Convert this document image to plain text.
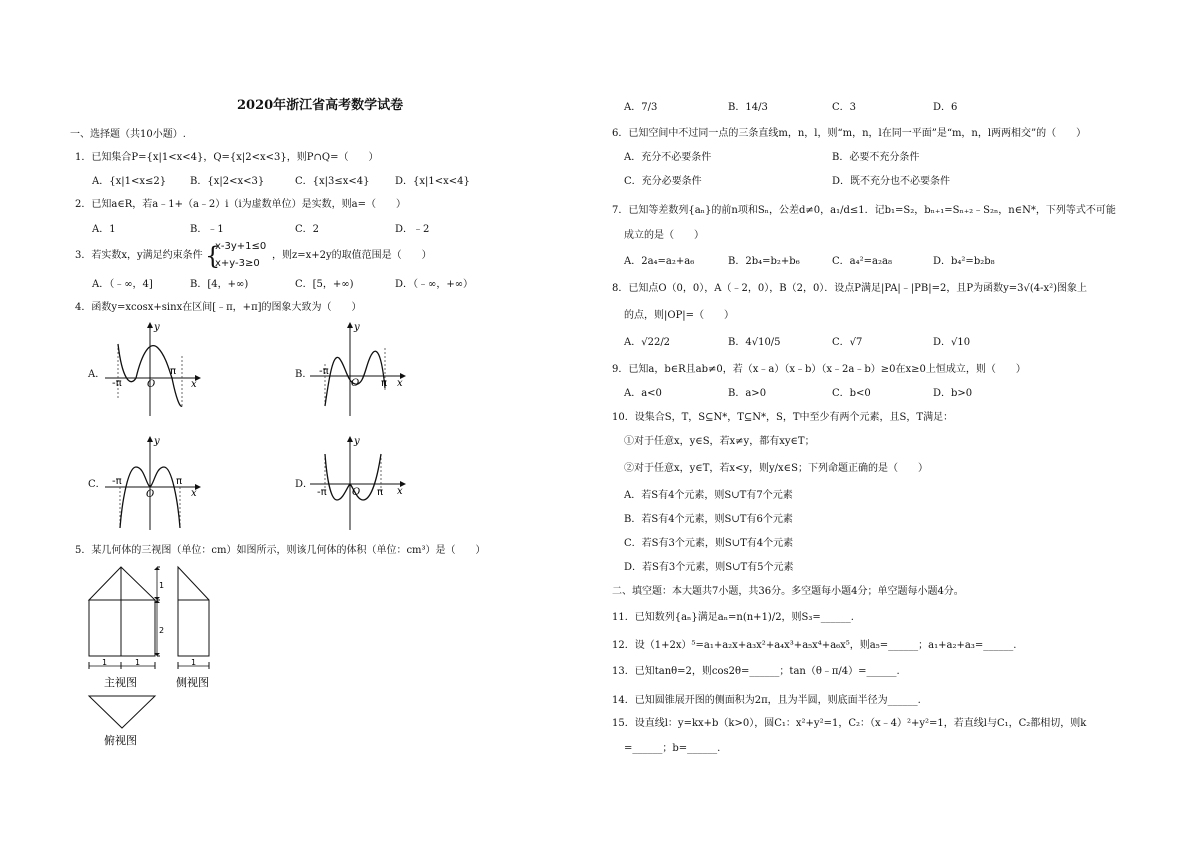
2020年浙江省高考数学试卷
一、选择题（共10小题）.
1．已知集合P={x|1<x<4}，Q={x|2<x<3}，则P∩Q=（　　）
A．{x|1<x≤2} B．{x|2<x<3}	C．{x|3≤x<4}	D．{x|1<x<4}
2．已知a∈R，若a﹣1+（a﹣2）i（i为虚数单位）是实数，则a=（　　）
A．1	B．﹣1	C．2	D．﹣2
3．若实数x，y满足约束条件 {
x-3y+1≤0
x+y-3≥0
，则z=x+2y的取值范围是（　　）
A．（﹣∞，4]	B．[4，+∞)	C．[5，+∞)	D．（﹣∞，+∞）
4．函数y=xcosx+sinx在区间[﹣π，+π]的图象大致为（　　）
A．	B．
C．	D．
y
x
O
-π
π
y
x
O
-π
π
y
x
O
-π	π
y
x
O
-π	π
5．某几何体的三视图（单位：cm）如图所示，则该几何体的体积（单位：cm³）是（　　）
1
2
1	1
主视图
1
侧视图
俯视图
A．7/3	B．14/3	C．3	D．6
6．已知空间中不过同一点的三条直线m，n，l，则“m，n，l在同一平面”是“m，n，l两两相交”的（　　）
A．充分不必要条件	B．必要不充分条件
C．充分必要条件	D．既不充分也不必要条件
7．已知等差数列{aₙ}的前n项和Sₙ，公差d≠0，a₁/d≤1．记b₁=S₂，bₙ₊₁=Sₙ₊₂﹣S₂ₙ，n∈N*，下列等式不可能
成立的是（　　）
A．2a₄=a₂+a₆	B．2b₄=b₂+b₆	C．a₄²=a₂a₈	D．b₄²=b₂b₈
8．已知点O（0，0），A（﹣2，0），B（2，0）．设点P满足|PA|﹣|PB|=2，且P为函数y=3√(4-x²)图象上
的点，则|OP|=（　　）
A．√22/2	B．4√10/5	C．√7	D．√10
9．已知a，b∈R且ab≠0，若（x﹣a）（x﹣b）（x﹣2a﹣b）≥0在x≥0上恒成立，则（　　）
A．a<0	B．a>0	C．b<0	D．b>0
10．设集合S，T，S⊆N*，T⊆N*，S，T中至少有两个元素，且S，T满足：
①对于任意x，y∈S，若x≠y，都有xy∈T；
②对于任意x，y∈T，若x<y，则y/x∈S；下列命题正确的是（　　）
A．若S有4个元素，则S∪T有7个元素
B．若S有4个元素，则S∪T有6个元素
C．若S有3个元素，则S∪T有4个元素
D．若S有3个元素，则S∪T有5个元素
二、填空题：本大题共7小题，共36分。多空题每小题4分；单空题每小题4分。
11．已知数列{aₙ}满足aₙ=n(n+1)/2，则S₃=______.
12．设（1+2x）⁵=a₁+a₂x+a₃x²+a₄x³+a₅x⁴+a₆x⁵，则a₅=______；a₁+a₂+a₃=______.
13．已知tanθ=2，则cos2θ=______；tan（θ﹣π/4）=______.
14．已知圆锥展开图的侧面积为2π，且为半圆，则底面半径为______.
15．设直线l：y=kx+b（k>0），圆C₁：x²+y²=1，C₂：（x﹣4）²+y²=1，若直线l与C₁，C₂都相切，则k
=______；b=______.
